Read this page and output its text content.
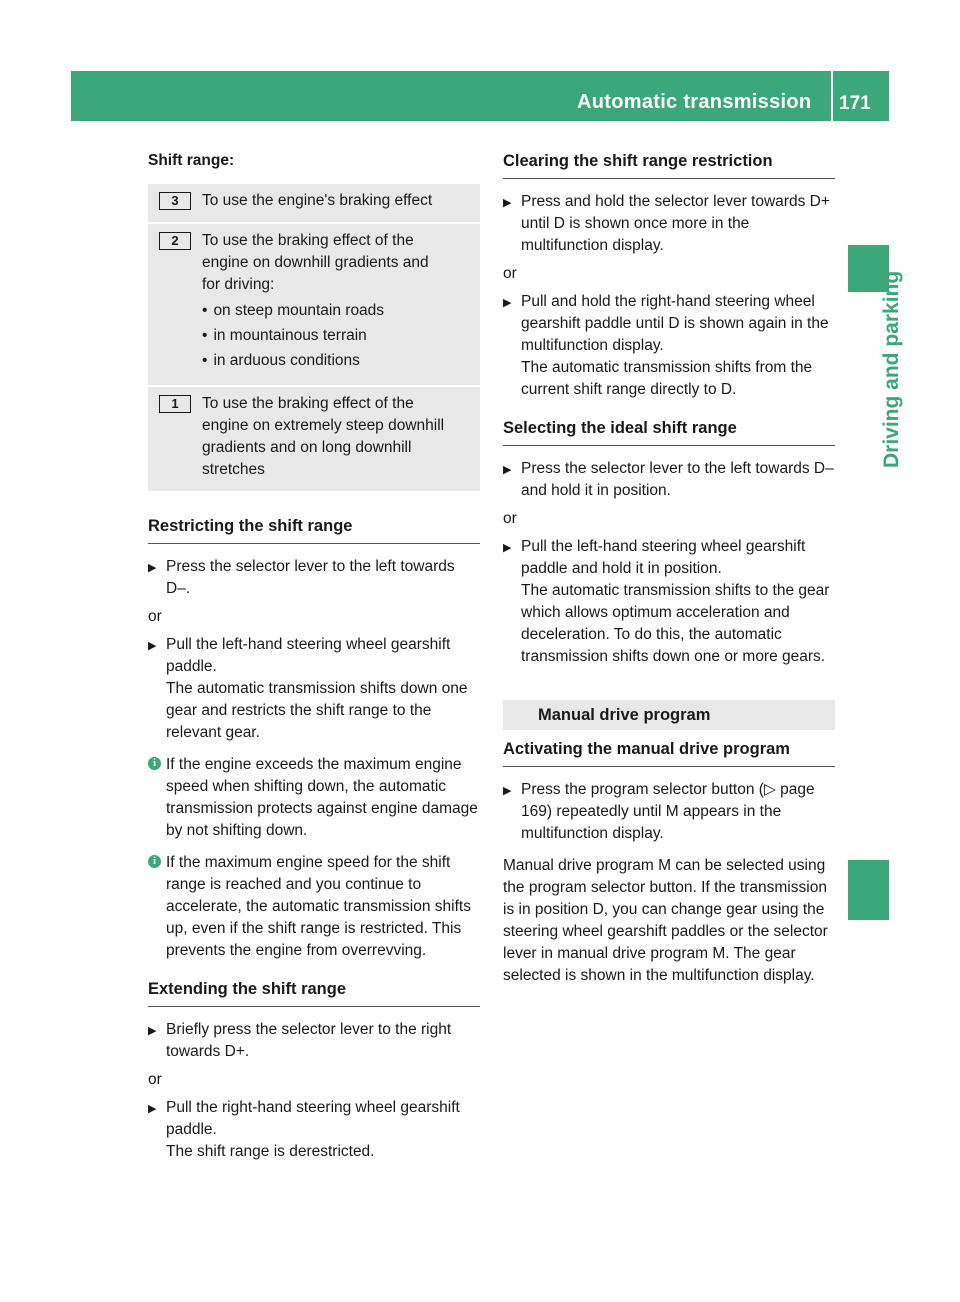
Automatic transmission 171
Driving and parking

Shift range:

3	To use the engine's braking effect

2	To use the braking effect of the

engine on downhill gradients and

for driving:

• on steep mountain roads
• in mountainous terrain
• in arduous conditions
1	To use the braking effect of the

engine on extremely steep downhill

gradients and on long downhill

stretches

Restricting the shift range

▶ Press the selector lever to the left towards D–.

or

▶ Pull the left-hand steering wheel gearshift paddle.
The automatic transmission shifts down one gear and restricts the shift range to the relevant gear.
i If the engine exceeds the maximum engine speed when shifting down, the automatic transmission protects against engine damage by not shifting down.
i If the maximum engine speed for the shift range is reached and you continue to accelerate, the automatic transmission shifts up, even if the shift range is restricted. This prevents the engine from overrevving.

Extending the shift range

▶ Briefly press the selector lever to the right towards D+.

or

▶ Pull the right-hand steering wheel gearshift paddle.
The shift range is derestricted.

Clearing the shift range restriction

▶ Press and hold the selector lever towards D+ until D is shown once more in the multifunction display.

or

▶ Pull and hold the right-hand steering wheel gearshift paddle until D is shown again in the multifunction display.
The automatic transmission shifts from the current shift range directly to D.

Selecting the ideal shift range

▶ Press the selector lever to the left towards D– and hold it in position.

or

▶ Pull the left-hand steering wheel gearshift paddle and hold it in position.
The automatic transmission shifts to the gear which allows optimum acceleration and deceleration. To do this, the automatic transmission shifts down one or more gears.

Manual drive program

Activating the manual drive program

▶ Press the program selector button (▷ page 169) repeatedly until M appears in the multifunction display.

Manual drive program M can be selected using the program selector button. If the transmission is in position D, you can change gear using the steering wheel gearshift paddles or the selector lever in manual drive program M. The gear selected is shown in the multifunction display.
